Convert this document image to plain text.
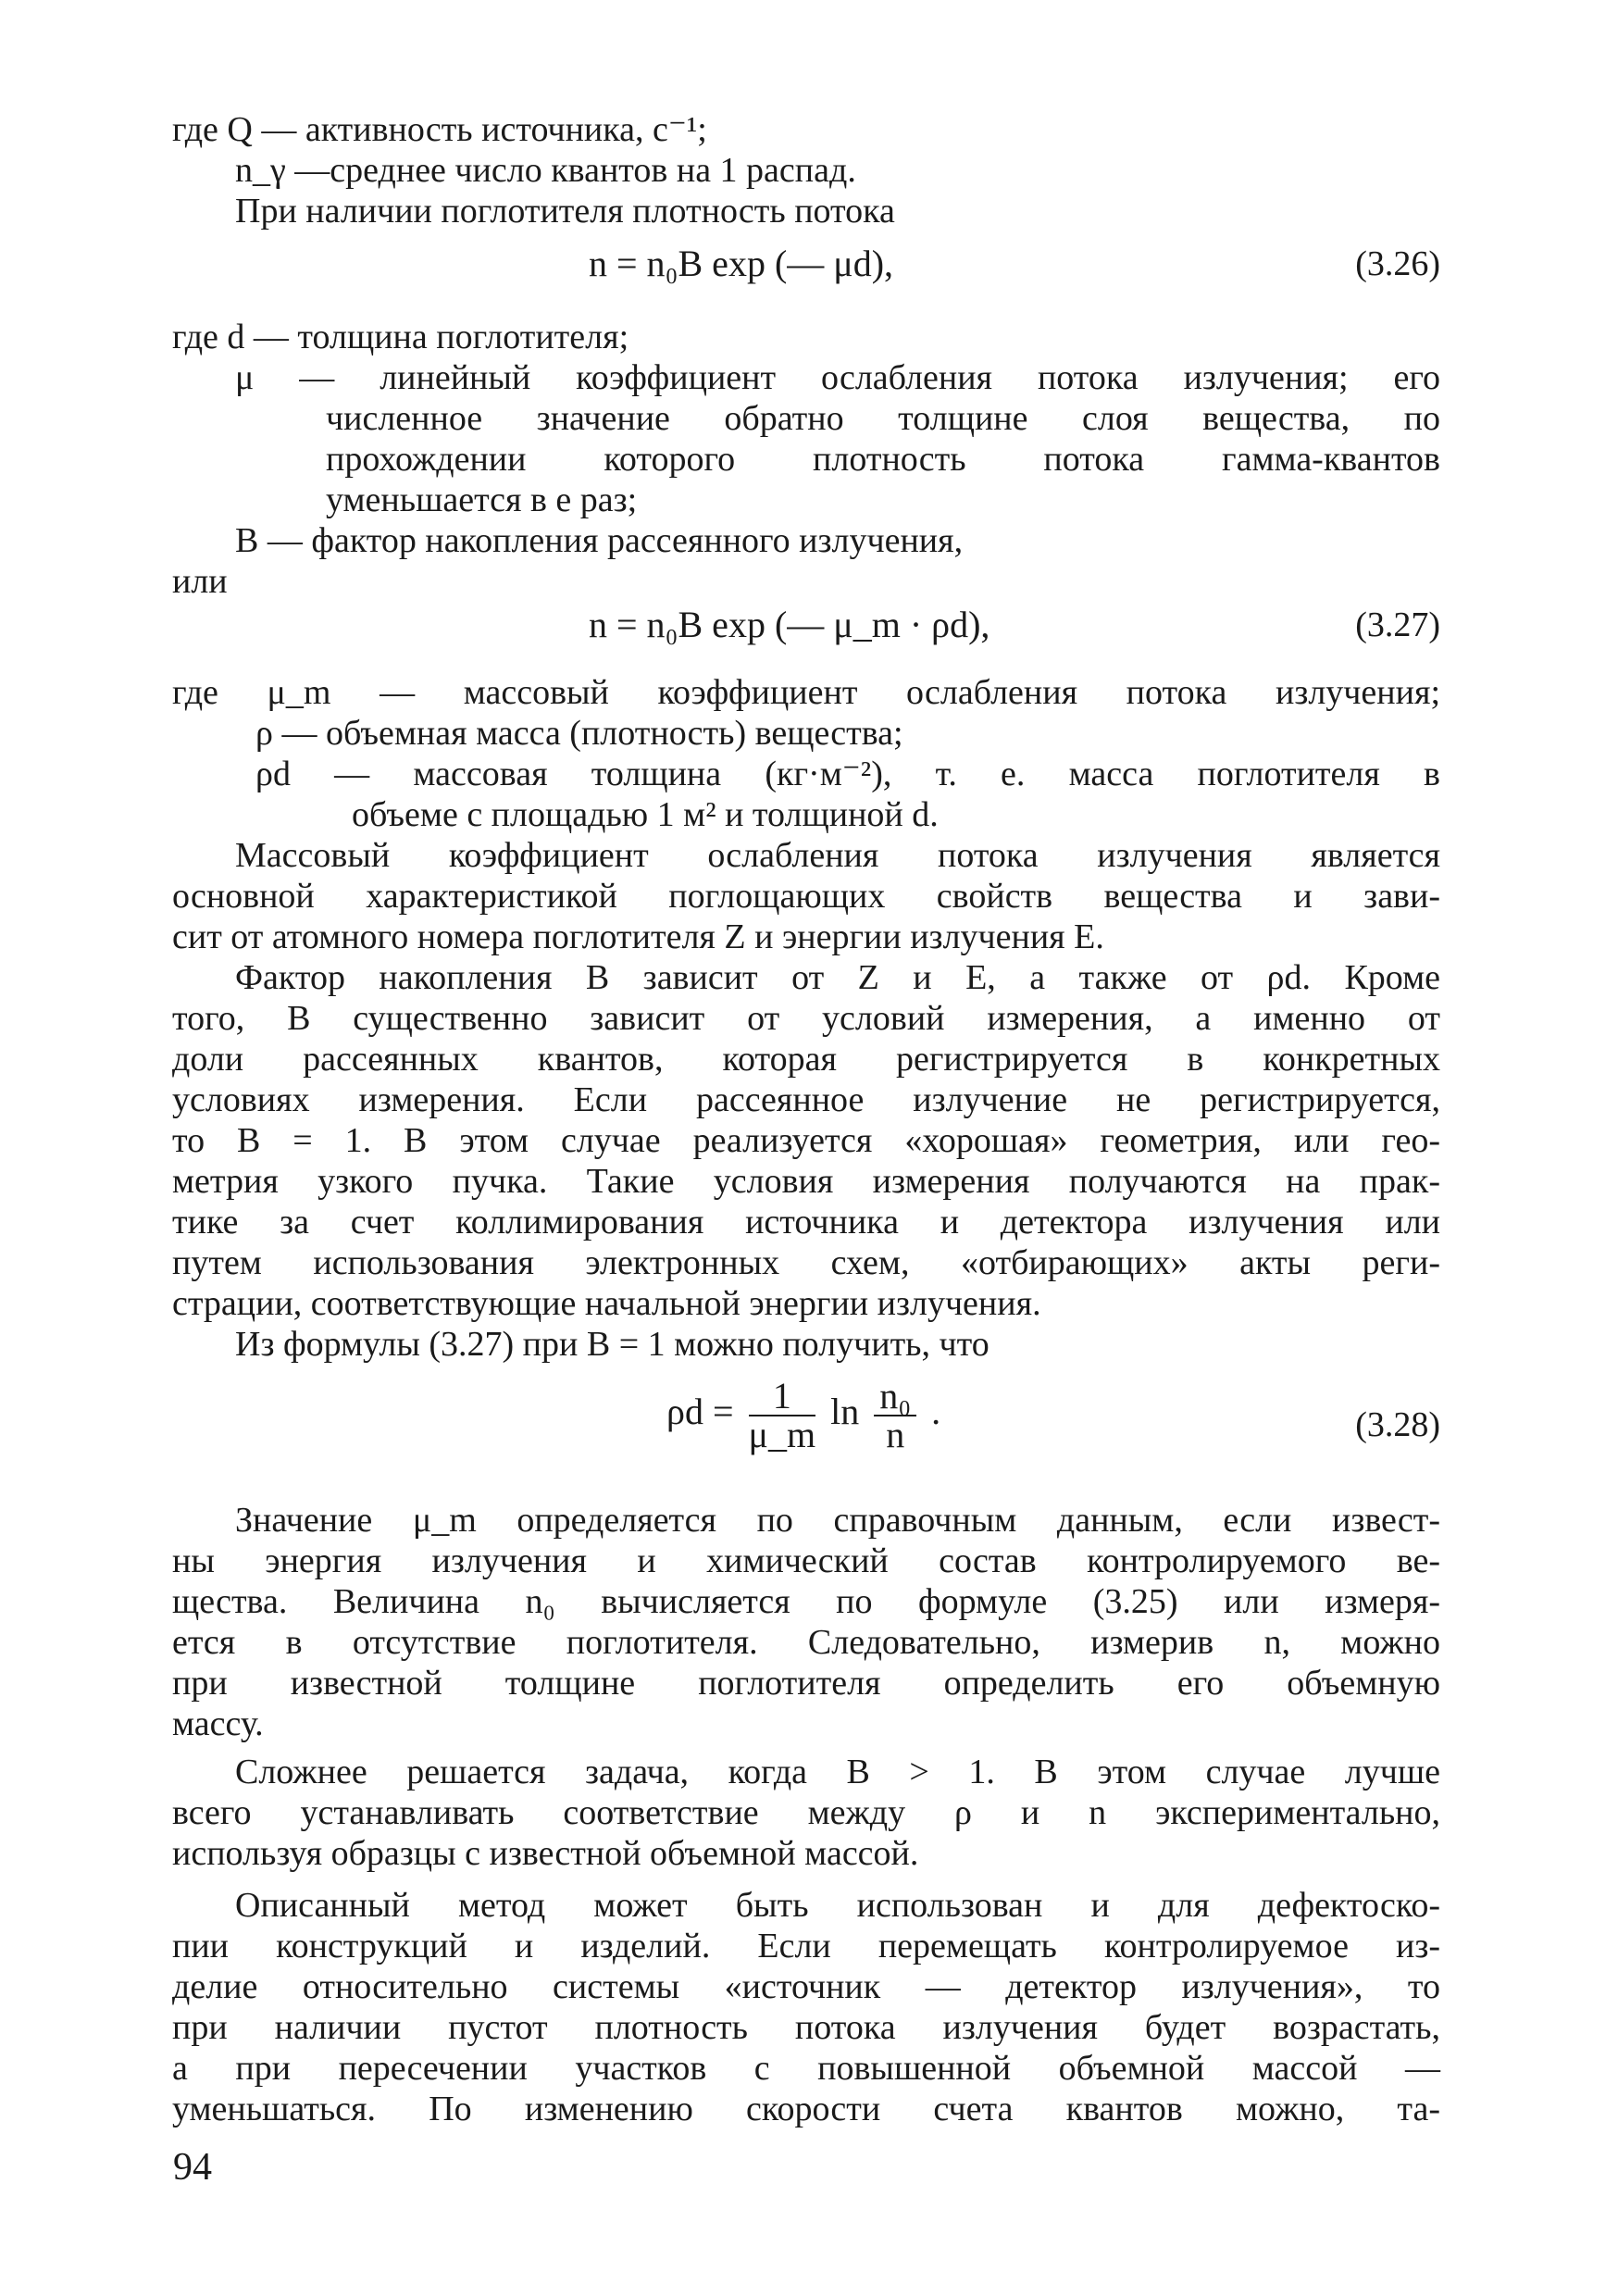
где Q — активность источника, с⁻¹;
n_γ —среднее число квантов на 1 распад.
При наличии поглотителя плотность потока
n = n₀B exp (— μd),	(3.26)
где d — толщина поглотителя;
μ — линейный коэффициент ослабления потока излучения; его
численное значение обратно толщине слоя вещества, по
прохождении которого плотность потока гамма-квантов
уменьшается в e раз;
B — фактор накопления рассеянного излучения,
или
n = n₀B exp (— μ_m · ρd),	(3.27)
где μ_m — массовый коэффициент ослабления потока излучения;
ρ — объемная масса (плотность) вещества;
ρd — массовая толщина (кг·м⁻²), т. е. масса поглотителя в
объеме с площадью 1 м² и толщиной d.
Массовый коэффициент ослабления потока излучения является
основной характеристикой поглощающих свойств вещества и зави-
сит от атомного номера поглотителя Z и энергии излучения E.
Фактор накопления B зависит от Z и E, а также от ρd. Кроме
того, B существенно зависит от условий измерения, а именно от
доли рассеянных квантов, которая регистрируется в конкретных
условиях измерения. Если рассеянное излучение не регистрируется,
то B = 1. В этом случае реализуется «хорошая» геометрия, или гео-
метрия узкого пучка. Такие условия измерения получаются на прак-
тике за счет коллимирования источника и детектора излучения или
путем использования электронных схем, «отбирающих» акты реги-
страции, соответствующие начальной энергии излучения.
Из формулы (3.27) при B = 1 можно получить, что
$\rho d = \frac{1}{\mu\_m}$ $\ln \frac{\text{n₀}}{n}$ .	(3.28)
Значение μ_m определяется по справочным данным, если извест-
ны энергия излучения и химический состав контролируемого ве-
щества. Величина n₀ вычисляется по формуле (3.25) или измеря-
ется в отсутствие поглотителя. Следовательно, измерив n, можно
при известной толщине поглотителя определить его объемную
массу.
Сложнее решается задача, когда B > 1. В этом случае лучше
всего устанавливать соответствие между ρ и n экспериментально,
используя образцы с известной объемной массой.
Описанный метод может быть использован и для дефектоско-
пии конструкций и изделий. Если перемещать контролируемое из-
делие относительно системы «источник — детектор излучения», то
при наличии пустот плотность потока излучения будет возрастать,
а при пересечении участков с повышенной объемной массой —
уменьшаться. По изменению скорости счета квантов можно, та-
94
